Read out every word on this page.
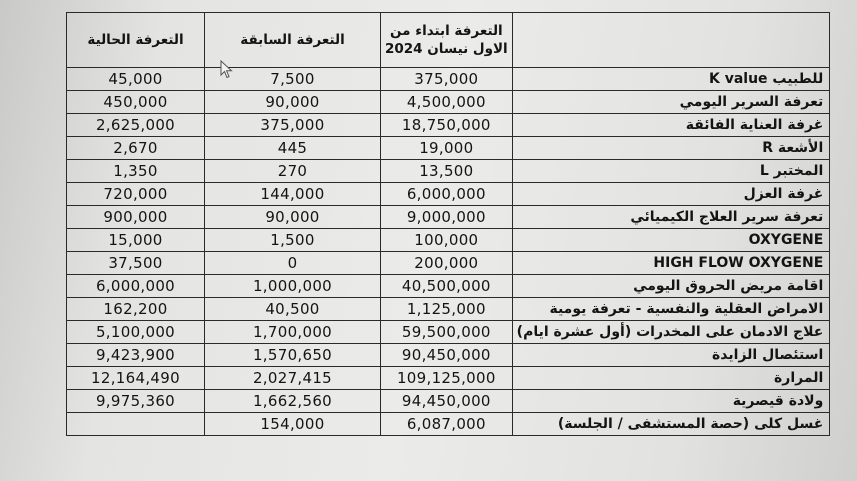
التعرفة الحالية	التعرفة السابقة	التعرفة ابتداء من
الاول نيسان 2024	

45,000	7,500	375,000	للطبيب K value
450,000	90,000	4,500,000	تعرفة السرير اليومي
2,625,000	375,000	18,750,000	غرفة العناية الفائقة
2,670	445	19,000	الأشعة R
1,350	270	13,500	المختبر L
720,000	144,000	6,000,000	غرفة العزل
900,000	90,000	9,000,000	تعرفة سرير العلاج الكيميائي
15,000	1,500	100,000	OXYGENE
37,500	0	200,000	HIGH FLOW OXYGENE
6,000,000	1,000,000	40,500,000	اقامة مريض الحروق اليومي
162,200	40,500	1,125,000	الامراض العقلية والنفسية - تعرفة يومية
5,100,000	1,700,000	59,500,000	علاج الادمان على المخدرات (أول عشرة ايام)
9,423,900	1,570,650	90,450,000	استئصال الزايدة
12,164,490	2,027,415	109,125,000	المرارة
9,975,360	1,662,560	94,450,000	ولادة قيصرية
	154,000	6,087,000	غسل كلى (حصة المستشفى / الجلسة)
